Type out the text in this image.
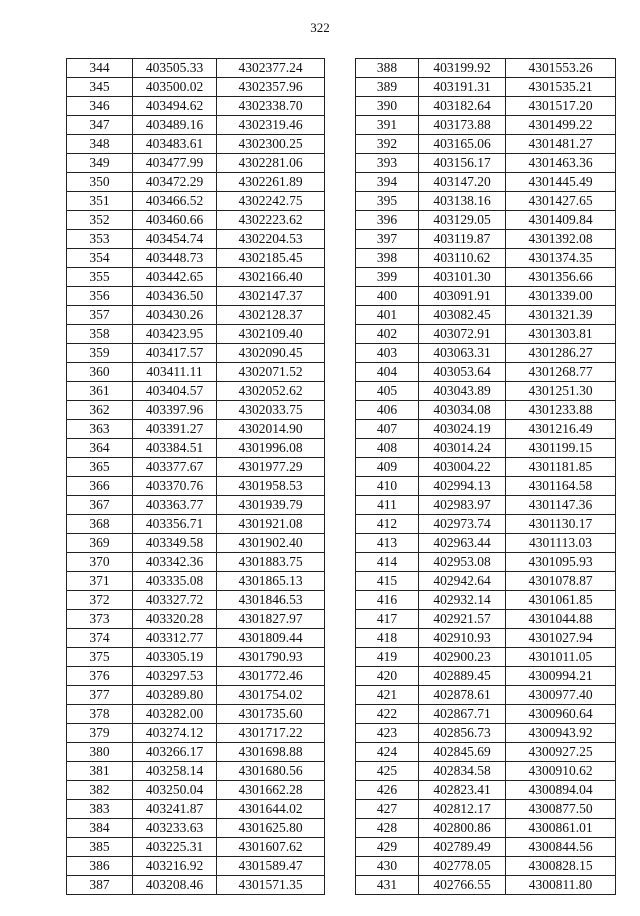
322
344	403505.33	4302377.24
345	403500.02	4302357.96
346	403494.62	4302338.70
347	403489.16	4302319.46
348	403483.61	4302300.25
349	403477.99	4302281.06
350	403472.29	4302261.89
351	403466.52	4302242.75
352	403460.66	4302223.62
353	403454.74	4302204.53
354	403448.73	4302185.45
355	403442.65	4302166.40
356	403436.50	4302147.37
357	403430.26	4302128.37
358	403423.95	4302109.40
359	403417.57	4302090.45
360	403411.11	4302071.52
361	403404.57	4302052.62
362	403397.96	4302033.75
363	403391.27	4302014.90
364	403384.51	4301996.08
365	403377.67	4301977.29
366	403370.76	4301958.53
367	403363.77	4301939.79
368	403356.71	4301921.08
369	403349.58	4301902.40
370	403342.36	4301883.75
371	403335.08	4301865.13
372	403327.72	4301846.53
373	403320.28	4301827.97
374	403312.77	4301809.44
375	403305.19	4301790.93
376	403297.53	4301772.46
377	403289.80	4301754.02
378	403282.00	4301735.60
379	403274.12	4301717.22
380	403266.17	4301698.88
381	403258.14	4301680.56
382	403250.04	4301662.28
383	403241.87	4301644.02
384	403233.63	4301625.80
385	403225.31	4301607.62
386	403216.92	4301589.47
387	403208.46	4301571.35
388	403199.92	4301553.26
389	403191.31	4301535.21
390	403182.64	4301517.20
391	403173.88	4301499.22
392	403165.06	4301481.27
393	403156.17	4301463.36
394	403147.20	4301445.49
395	403138.16	4301427.65
396	403129.05	4301409.84
397	403119.87	4301392.08
398	403110.62	4301374.35
399	403101.30	4301356.66
400	403091.91	4301339.00
401	403082.45	4301321.39
402	403072.91	4301303.81
403	403063.31	4301286.27
404	403053.64	4301268.77
405	403043.89	4301251.30
406	403034.08	4301233.88
407	403024.19	4301216.49
408	403014.24	4301199.15
409	403004.22	4301181.85
410	402994.13	4301164.58
411	402983.97	4301147.36
412	402973.74	4301130.17
413	402963.44	4301113.03
414	402953.08	4301095.93
415	402942.64	4301078.87
416	402932.14	4301061.85
417	402921.57	4301044.88
418	402910.93	4301027.94
419	402900.23	4301011.05
420	402889.45	4300994.21
421	402878.61	4300977.40
422	402867.71	4300960.64
423	402856.73	4300943.92
424	402845.69	4300927.25
425	402834.58	4300910.62
426	402823.41	4300894.04
427	402812.17	4300877.50
428	402800.86	4300861.01
429	402789.49	4300844.56
430	402778.05	4300828.15
431	402766.55	4300811.80
